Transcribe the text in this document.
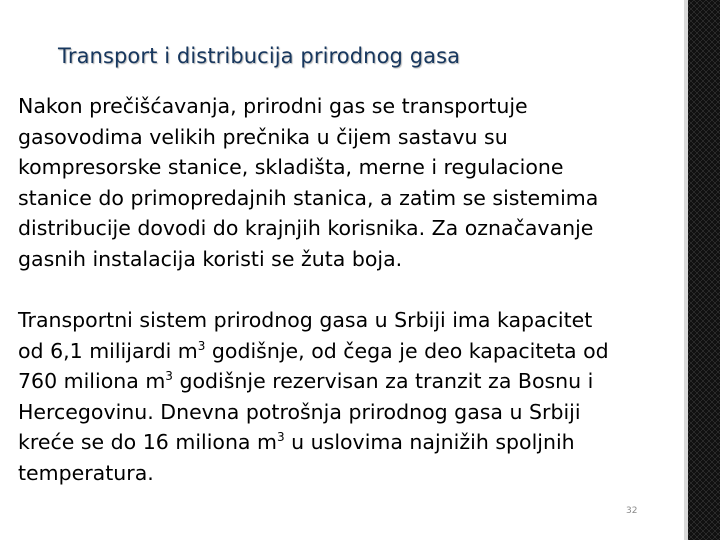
Transport i distribucija prirodnog gasa

Nakon prečišćavanja, prirodni gas se transportuje
gasovodima velikih prečnika u čijem sastavu su
kompresorske stanice, skladišta, merne i regulacione
stanice do primopredajnih stanica, a zatim se sistemima
distribucije dovodi do krajnjih korisnika. Za označavanje
gasnih instalacija koristi se žuta boja.

Transportni sistem prirodnog gasa u Srbiji ima kapacitet
od 6,1 milijardi $m^3$ godišnje, od čega je deo kapaciteta od
760 miliona $m^3$ godišnje rezervisan za tranzit za Bosnu i
Hercegovinu. Dnevna potrošnja prirodnog gasa u Srbiji
kreće se do 16 miliona $m^3$ u uslovima najnižih spoljnih
temperatura.

32
